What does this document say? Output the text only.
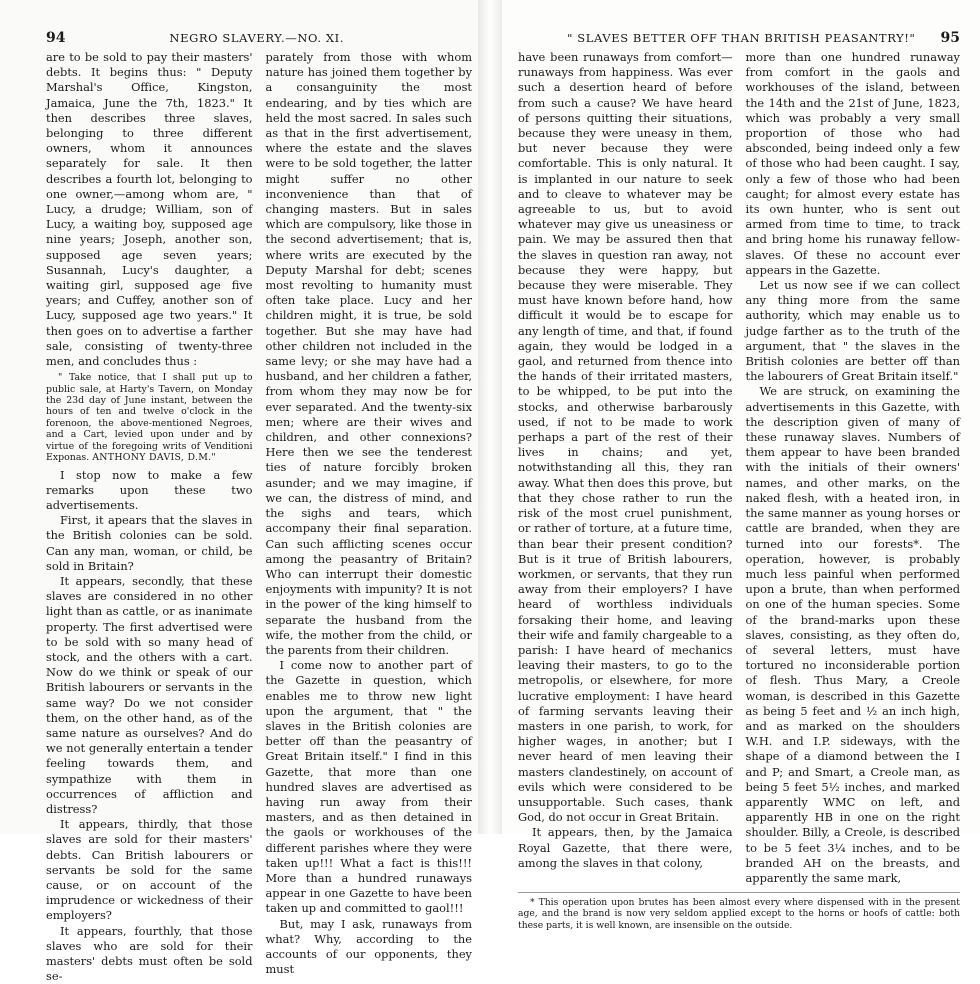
94	NEGRO SLAVERY.—NO. XI.

are to be sold to pay their masters' debts. It begins thus: " Deputy Marshal's Office, Kingston, Jamaica, June the 7th, 1823." It then describes three slaves, belonging to three different owners, whom it announces separately for sale. It then describes a fourth lot, belonging to one owner,—among whom are, " Lucy, a drudge; William, son of Lucy, a waiting boy, supposed age nine years; Joseph, another son, supposed age seven years; Susannah, Lucy's daughter, a waiting girl, supposed age five years; and Cuffey, another son of Lucy, supposed age two years." It then goes on to advertise a farther sale, consisting of twenty-three men, and concludes thus :

" Take notice, that I shall put up to public sale, at Harty's Tavern, on Monday the 23d day of June instant, between the hours of ten and twelve o'clock in the forenoon, the above-mentioned Negroes, and a Cart, levied upon under and by virtue of the foregoing writs of Venditioni Exponas. ANTHONY DAVIS, D.M."

I stop now to make a few remarks upon these two advertisements.

First, it apears that the slaves in the British colonies can be sold. Can any man, woman, or child, be sold in Britain?

It appears, secondly, that these slaves are considered in no other light than as cattle, or as inanimate property. The first advertised were to be sold with so many head of stock, and the others with a cart. Now do we think or speak of our British labourers or servants in the same way? Do we not consider them, on the other hand, as of the same nature as ourselves? And do we not generally entertain a tender feeling towards them, and sympathize with them in occurrences of affliction and distress?

It appears, thirdly, that those slaves are sold for their masters' debts. Can British labourers or servants be sold for the same cause, or on account of the imprudence or wickedness of their employers?

It appears, fourthly, that those slaves who are sold for their masters' debts must often be sold se-

parately from those with whom nature has joined them together by a consanguinity the most endearing, and by ties which are held the most sacred. In sales such as that in the first advertisement, where the estate and the slaves were to be sold together, the latter might suffer no other inconvenience than that of changing masters. But in sales which are compulsory, like those in the second advertisement; that is, where writs are executed by the Deputy Marshal for debt; scenes most revolting to humanity must often take place. Lucy and her children might, it is true, be sold together. But she may have had other children not included in the same levy; or she may have had a husband, and her children a father, from whom they may now be for ever separated. And the twenty-six men; where are their wives and children, and other connexions? Here then we see the tenderest ties of nature forcibly broken asunder; and we may imagine, if we can, the distress of mind, and the sighs and tears, which accompany their final separation. Can such afflicting scenes occur among the peasantry of Britain? Who can interrupt their domestic enjoyments with impunity? It is not in the power of the king himself to separate the husband from the wife, the mother from the child, or the parents from their children.

I come now to another part of the Gazette in question, which enables me to throw new light upon the argument, that " the slaves in the British colonies are better off than the peasantry of Great Britain itself." I find in this Gazette, that more than one hundred slaves are advertised as having run away from their masters, and as then detained in the gaols or workhouses of the different parishes where they were taken up!!! What a fact is this!!! More than a hundred runaways appear in one Gazette to have been taken up and committed to gaol!!!

But, may I ask, runaways from what? Why, according to the accounts of our opponents, they must

" SLAVES BETTER OFF THAN BRITISH PEASANTRY!" 95

have been runaways from comfort—runaways from happiness. Was ever such a desertion heard of before from such a cause? We have heard of persons quitting their situations, because they were uneasy in them, but never because they were comfortable. This is only natural. It is implanted in our nature to seek and to cleave to whatever may be agreeable to us, but to avoid whatever may give us uneasiness or pain. We may be assured then that the slaves in question ran away, not because they were happy, but because they were miserable. They must have known before hand, how difficult it would be to escape for any length of time, and that, if found again, they would be lodged in a gaol, and returned from thence into the hands of their irritated masters, to be whipped, to be put into the stocks, and otherwise barbarously used, if not to be made to work perhaps a part of the rest of their lives in chains; and yet, notwithstanding all this, they ran away. What then does this prove, but that they chose rather to run the risk of the most cruel punishment, or rather of torture, at a future time, than bear their present condition? But is it true of British labourers, workmen, or servants, that they run away from their employers? I have heard of worthless individuals forsaking their home, and leaving their wife and family chargeable to a parish: I have heard of mechanics leaving their masters, to go to the metropolis, or elsewhere, for more lucrative employment: I have heard of farming servants leaving their masters in one parish, to work, for higher wages, in another; but I never heard of men leaving their masters clandestinely, on account of evils which were considered to be unsupportable. Such cases, thank God, do not occur in Great Britain.

It appears, then, by the Jamaica Royal Gazette, that there were, among the slaves in that colony,

more than one hundred runaway from comfort in the gaols and workhouses of the island, between the 14th and the 21st of June, 1823, which was probably a very small proportion of those who had absconded, being indeed only a few of those who had been caught. I say, only a few of those who had been caught; for almost every estate has its own hunter, who is sent out armed from time to time, to track and bring home his runaway fellow-slaves. Of these no account ever appears in the Gazette.

Let us now see if we can collect any thing more from the same authority, which may enable us to judge farther as to the truth of the argument, that " the slaves in the British colonies are better off than the labourers of Great Britain itself."

We are struck, on examining the advertisements in this Gazette, with the description given of many of these runaway slaves. Numbers of them appear to have been branded with the initials of their owners' names, and other marks, on the naked flesh, with a heated iron, in the same manner as young horses or cattle are branded, when they are turned into our forests*. The operation, however, is probably much less painful when performed upon a brute, than when performed on one of the human species. Some of the brand-marks upon these slaves, consisting, as they often do, of several letters, must have tortured no inconsiderable portion of flesh. Thus Mary, a Creole woman, is described in this Gazette as being 5 feet and ½ an inch high, and as marked on the shoulders W.H. and I.P. sideways, with the shape of a diamond between the I and P; and Smart, a Creole man, as being 5 feet 5½ inches, and marked apparently WMC on left, and apparently HB in one on the right shoulder. Billy, a Creole, is described to be 5 feet 3¼ inches, and to be branded AH on the breasts, and apparently the same mark,

* This operation upon brutes has been almost every where dispensed with in the present age, and the brand is now very seldom applied except to the horns or hoofs of cattle: both these parts, it is well known, are insensible on the outside.
